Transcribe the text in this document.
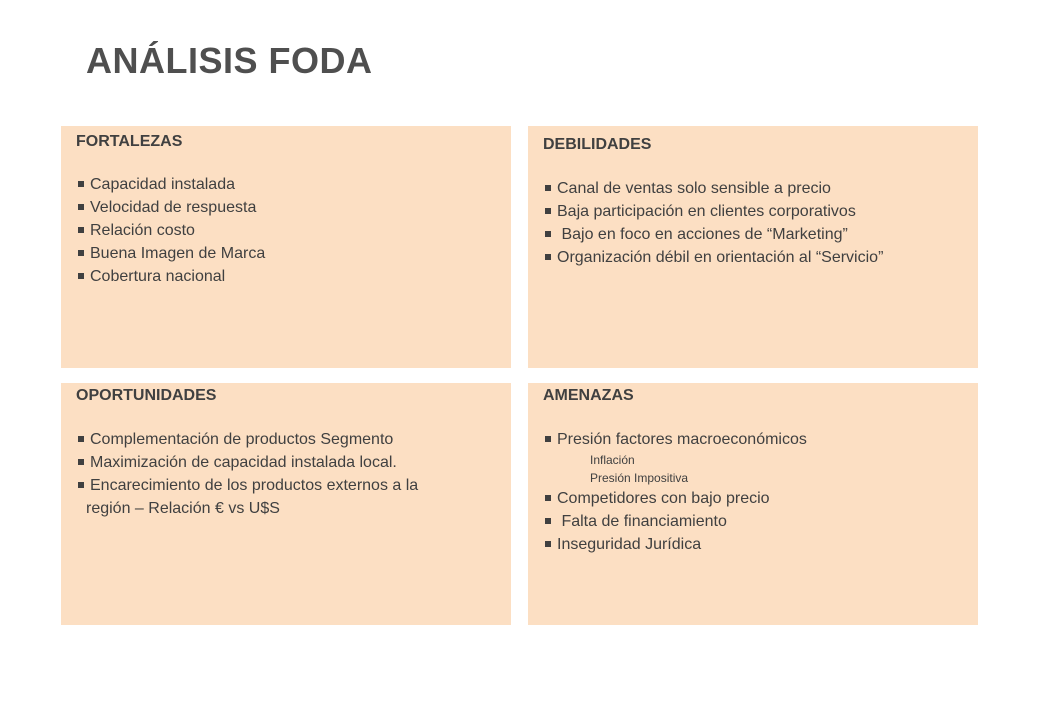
ANÁLISIS FODA
FORTALEZAS
Capacidad instalada
Velocidad de respuesta
Relación costo
Buena Imagen de Marca
Cobertura nacional
DEBILIDADES
Canal de ventas solo sensible a precio
Baja participación en clientes corporativos
Bajo en foco en acciones de “Marketing”
Organización débil en orientación al “Servicio”
OPORTUNIDADES
Complementación de productos Segmento
Maximización de capacidad instalada local.
Encarecimiento de los productos externos a la
región – Relación € vs U$S
AMENAZAS
Presión factores macroeconómicos
Inflación
Presión Impositiva
Competidores con bajo precio
Falta de financiamiento
Inseguridad Jurídica
